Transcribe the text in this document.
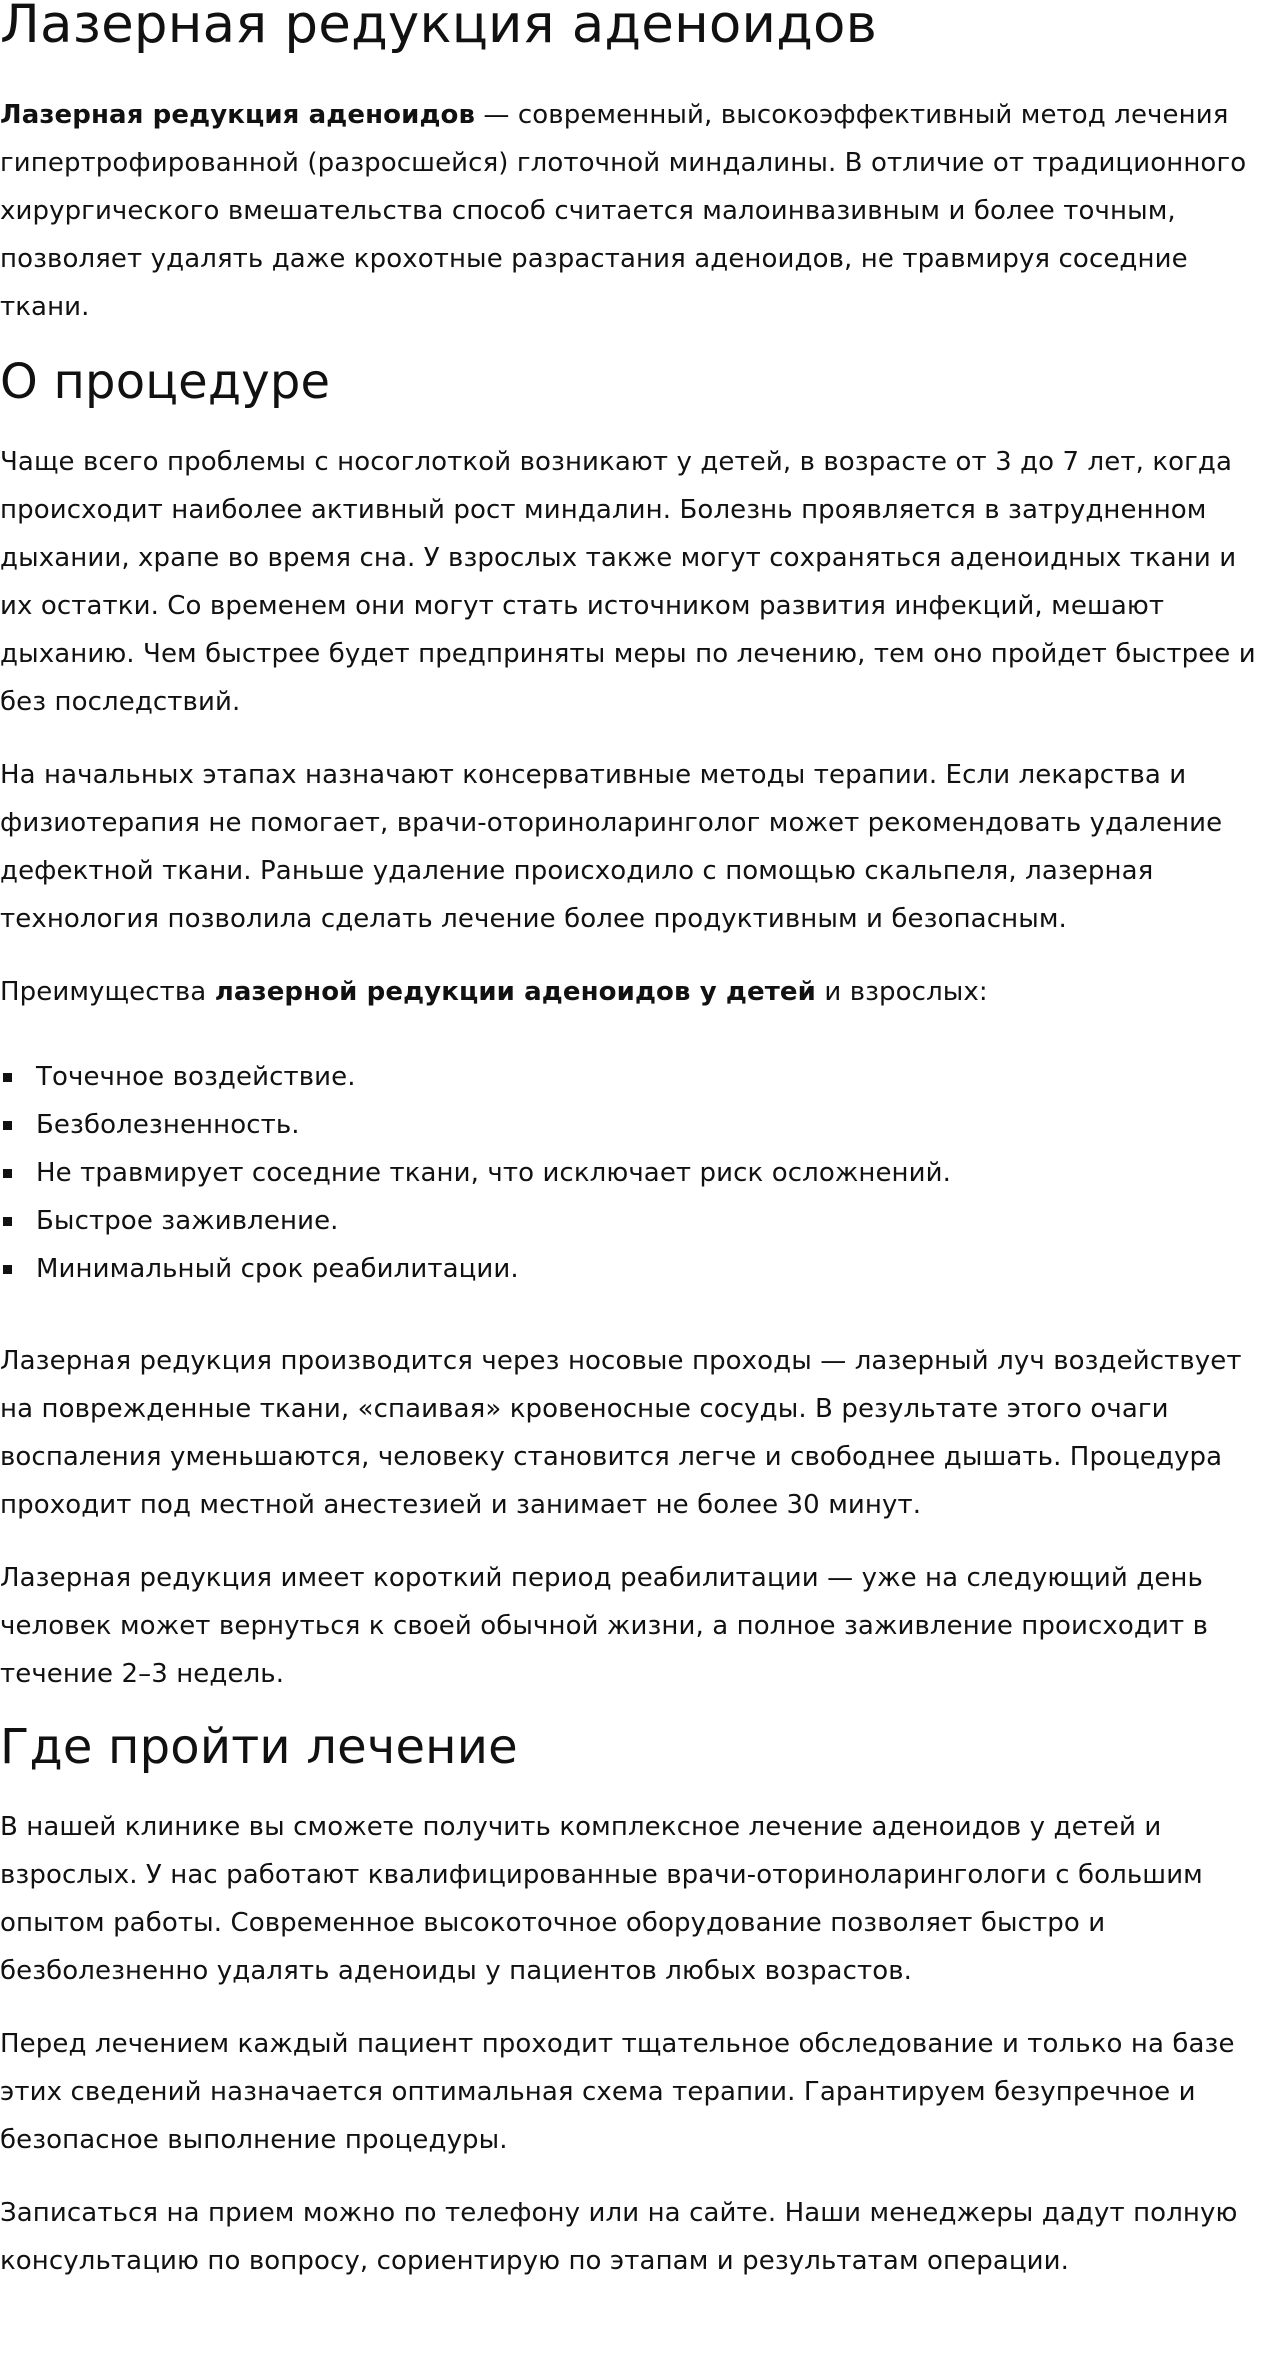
Лазерная редукция аденоидов

Лазерная редукция аденоидов — современный, высокоэффективный метод лечения гипертрофированной (разросшейся) глоточной миндалины. В отличие от традиционного хирургического вмешательства способ считается малоинвазивным и более точным, позволяет удалять даже крохотные разрастания аденоидов, не травмируя соседние ткани.

О процедуре

Чаще всего проблемы с носоглоткой возникают у детей, в возрасте от 3 до 7 лет, когда происходит наиболее активный рост миндалин. Болезнь проявляется в затрудненном дыхании, храпе во время сна. У взрослых также могут сохраняться аденоидных ткани и их остатки. Со временем они могут стать источником развития инфекций, мешают дыханию. Чем быстрее будет предприняты меры по лечению, тем оно пройдет быстрее и без последствий.

На начальных этапах назначают консервативные методы терапии. Если лекарства и физиотерапия не помогает, врачи-оториноларинголог может рекомендовать удаление дефектной ткани. Раньше удаление происходило с помощью скальпеля, лазерная технология позволила сделать лечение более продуктивным и безопасным.

Преимущества лазерной редукции аденоидов у детей и взрослых:

Точечное воздействие.
Безболезненность.
Не травмирует соседние ткани, что исключает риск осложнений.
Быстрое заживление.
Минимальный срок реабилитации.

Лазерная редукция производится через носовые проходы — лазерный луч воздействует на поврежденные ткани, «спаивая» кровеносные сосуды. В результате этого очаги воспаления уменьшаются, человеку становится легче и свободнее дышать. Процедура проходит под местной анестезией и занимает не более 30 минут.

Лазерная редукция имеет короткий период реабилитации — уже на следующий день человек может вернуться к своей обычной жизни, а полное заживление происходит в течение 2–3 недель.

Где пройти лечение

В нашей клинике вы сможете получить комплексное лечение аденоидов у детей и взрослых. У нас работают квалифицированные врачи-оториноларингологи с большим опытом работы. Современное высокоточное оборудование позволяет быстро и безболезненно удалять аденоиды у пациентов любых возрастов.

Перед лечением каждый пациент проходит тщательное обследование и только на базе этих сведений назначается оптимальная схема терапии. Гарантируем безупречное и безопасное выполнение процедуры.

Записаться на прием можно по телефону или на сайте. Наши менеджеры дадут полную консультацию по вопросу, сориентирую по этапам и результатам операции.
